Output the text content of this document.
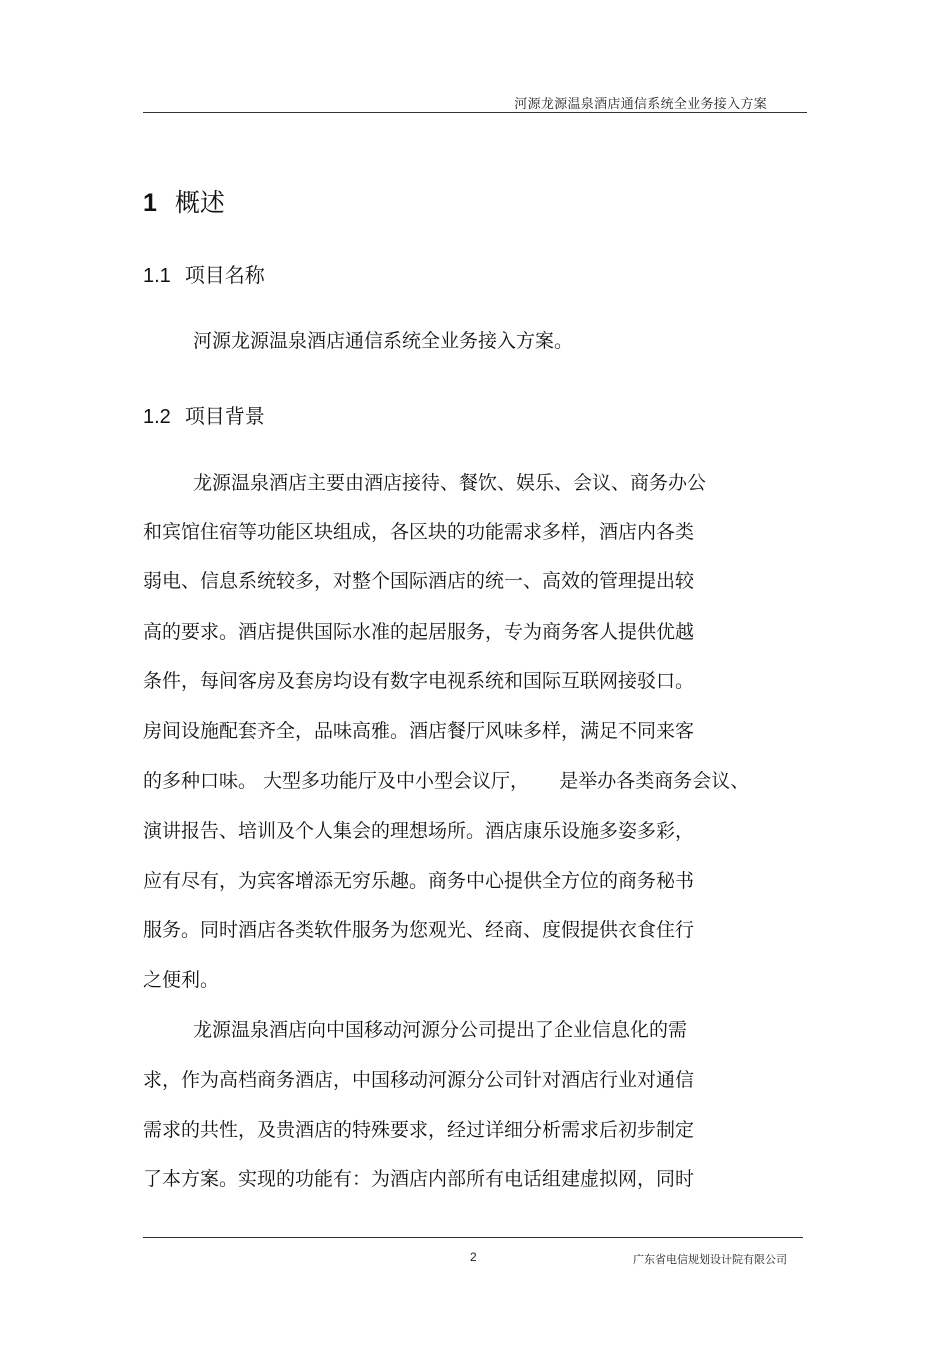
河源龙源温泉酒店通信系统全业务接入方案
1 概述
1.1 项目名称
河源龙源温泉酒店通信系统全业务接入方案。
1.2 项目背景
龙源温泉酒店主要由酒店接待、餐饮、娱乐、会议、商务办公
和宾馆住宿等功能区块组成，各区块的功能需求多样，酒店内各类
弱电、信息系统较多，对整个国际酒店的统一、高效的管理提出较
高的要求。酒店提供国际水准的起居服务，专为商务客人提供优越
条件，每间客房及套房均设有数字电视系统和国际互联网接驳口。
房间设施配套齐全，品味高雅。酒店餐厅风味多样，满足不同来客
的多种口味。 大型多功能厅及中小型会议厅，     是举办各类商务会议、
演讲报告、培训及个人集会的理想场所。酒店康乐设施多姿多彩，
应有尽有，为宾客增添无穷乐趣。商务中心提供全方位的商务秘书
服务。同时酒店各类软件服务为您观光、经商、度假提供衣食住行
之便利。
龙源温泉酒店向中国移动河源分公司提出了企业信息化的需
求，作为高档商务酒店，中国移动河源分公司针对酒店行业对通信
需求的共性，及贵酒店的特殊要求，经过详细分析需求后初步制定
了本方案。实现的功能有：为酒店内部所有电话组建虚拟网，同时
2	广东省电信规划设计院有限公司
